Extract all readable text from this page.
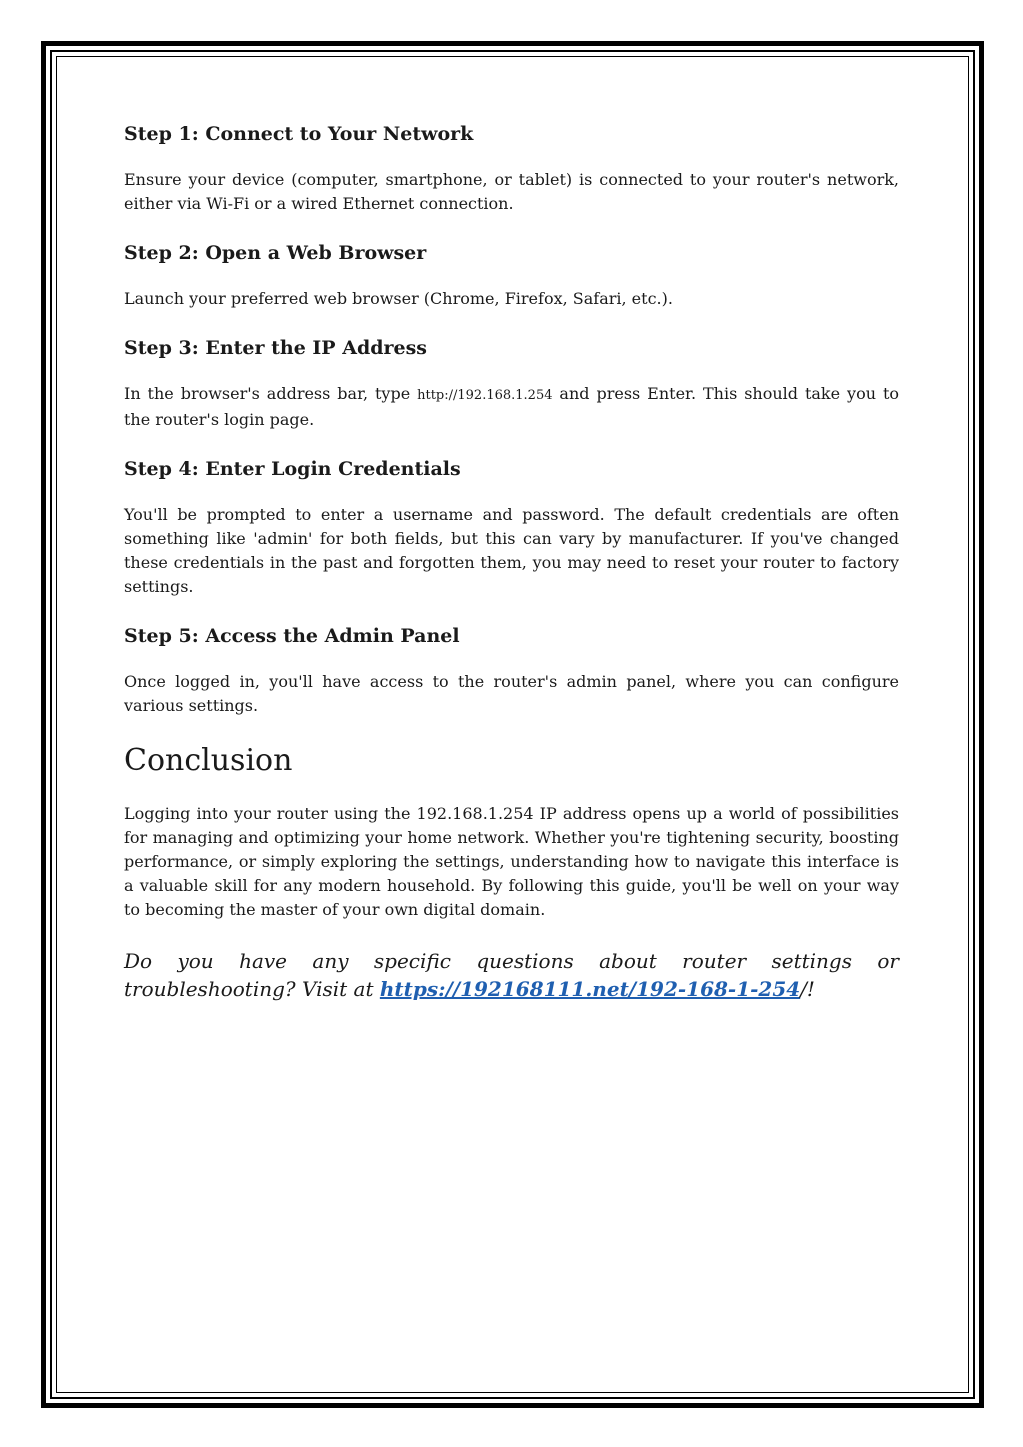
Step 1: Connect to Your Network

Ensure your device (computer, smartphone, or tablet) is connected to your router's network, either via Wi-Fi or a wired Ethernet connection.

Step 2: Open a Web Browser

Launch your preferred web browser (Chrome, Firefox, Safari, etc.).

Step 3: Enter the IP Address

In the browser's address bar, type http://192.168.1.254 and press Enter. This should take you to the router's login page.

Step 4: Enter Login Credentials

You'll be prompted to enter a username and password. The default credentials are often something like 'admin' for both fields, but this can vary by manufacturer. If you've changed these credentials in the past and forgotten them, you may need to reset your router to factory settings.

Step 5: Access the Admin Panel

Once logged in, you'll have access to the router's admin panel, where you can configure various settings.

Conclusion

Logging into your router using the 192.168.1.254 IP address opens up a world of possibilities for managing and optimizing your home network. Whether you're tightening security, boosting performance, or simply exploring the settings, understanding how to navigate this interface is a valuable skill for any modern household. By following this guide, you'll be well on your way to becoming the master of your own digital domain.

Do you have any specific questions about router settings or troubleshooting? Visit at https://192168111.net/192-168-1-254/!
